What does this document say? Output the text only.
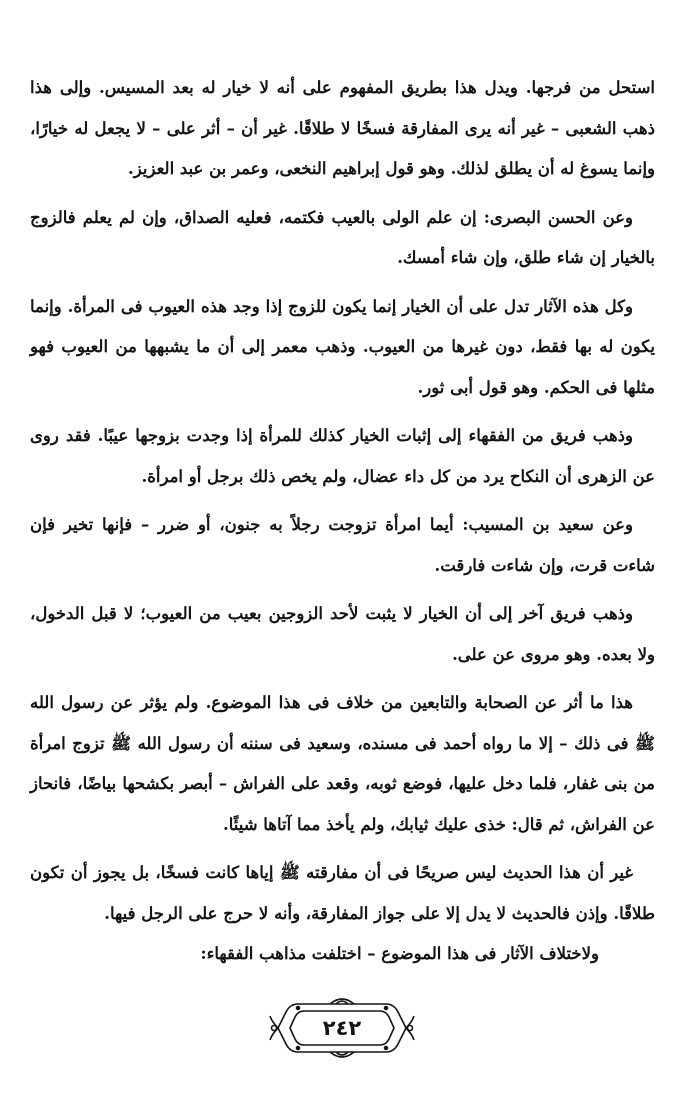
استحل من فرجها. ويدل هذا بطريق المفهوم على أنه لا خيار له بعد المسيس. وإلى هذا ذهب الشعبى – غير أنه يرى المفارقة فسخًا لا طلاقًا. غير أن – أثر على – لا يجعل له خيارًا، وإنما يسوغ له أن يطلق لذلك. وهو قول إبراهيم النخعى، وعمر بن عبد العزيز.

وعن الحسن البصرى: إن علم الولى بالعيب فكتمه، فعليه الصداق، وإن لم يعلم فالزوج بالخيار إن شاء طلق، وإن شاء أمسك.

وكل هذه الآثار تدل على أن الخيار إنما يكون للزوج إذا وجد هذه العيوب فى المرأة. وإنما يكون له بها فقط، دون غيرها من العيوب. وذهب معمر إلى أن ما يشبهها من العيوب فهو مثلها فى الحكم. وهو قول أبى ثور.

وذهب فريق من الفقهاء إلى إثبات الخيار كذلك للمرأة إذا وجدت بزوجها عيبًا. فقد روى عن الزهرى أن النكاح يرد من كل داء عضال، ولم يخص ذلك برجل أو امرأة.

وعن سعيد بن المسيب: أيما امرأة تزوجت رجلاً به جنون، أو ضرر – فإنها تخير فإن شاءت قرت، وإن شاءت فارقت.

وذهب فريق آخر إلى أن الخيار لا يثبت لأحد الزوجين بعيب من العيوب؛ لا قبل الدخول، ولا بعده. وهو مروى عن على.

هذا ما أثر عن الصحابة والتابعين من خلاف فى هذا الموضوع. ولم يؤثر عن رسول الله ﷺ فى ذلك – إلا ما رواه أحمد فى مسنده، وسعيد فى سننه أن رسول الله ﷺ تزوج امرأة من بنى غفار، فلما دخل عليها، فوضع ثوبه، وقعد على الفراش – أبصر بكشحها بياضًا، فانحاز عن الفراش، ثم قال: خذى عليك ثيابك، ولم يأخذ مما آتاها شيئًا.

غير أن هذا الحديث ليس صريحًا فى أن مفارقته ﷺ إياها كانت فسخًا، بل يجوز أن تكون طلاقًا. وإذن فالحديث لا يدل إلا على جواز المفارقة، وأنه لا حرج على الرجل فيها.

ولاختلاف الآثار فى هذا الموضوع – اختلفت مذاهب الفقهاء:

٢٤٢
